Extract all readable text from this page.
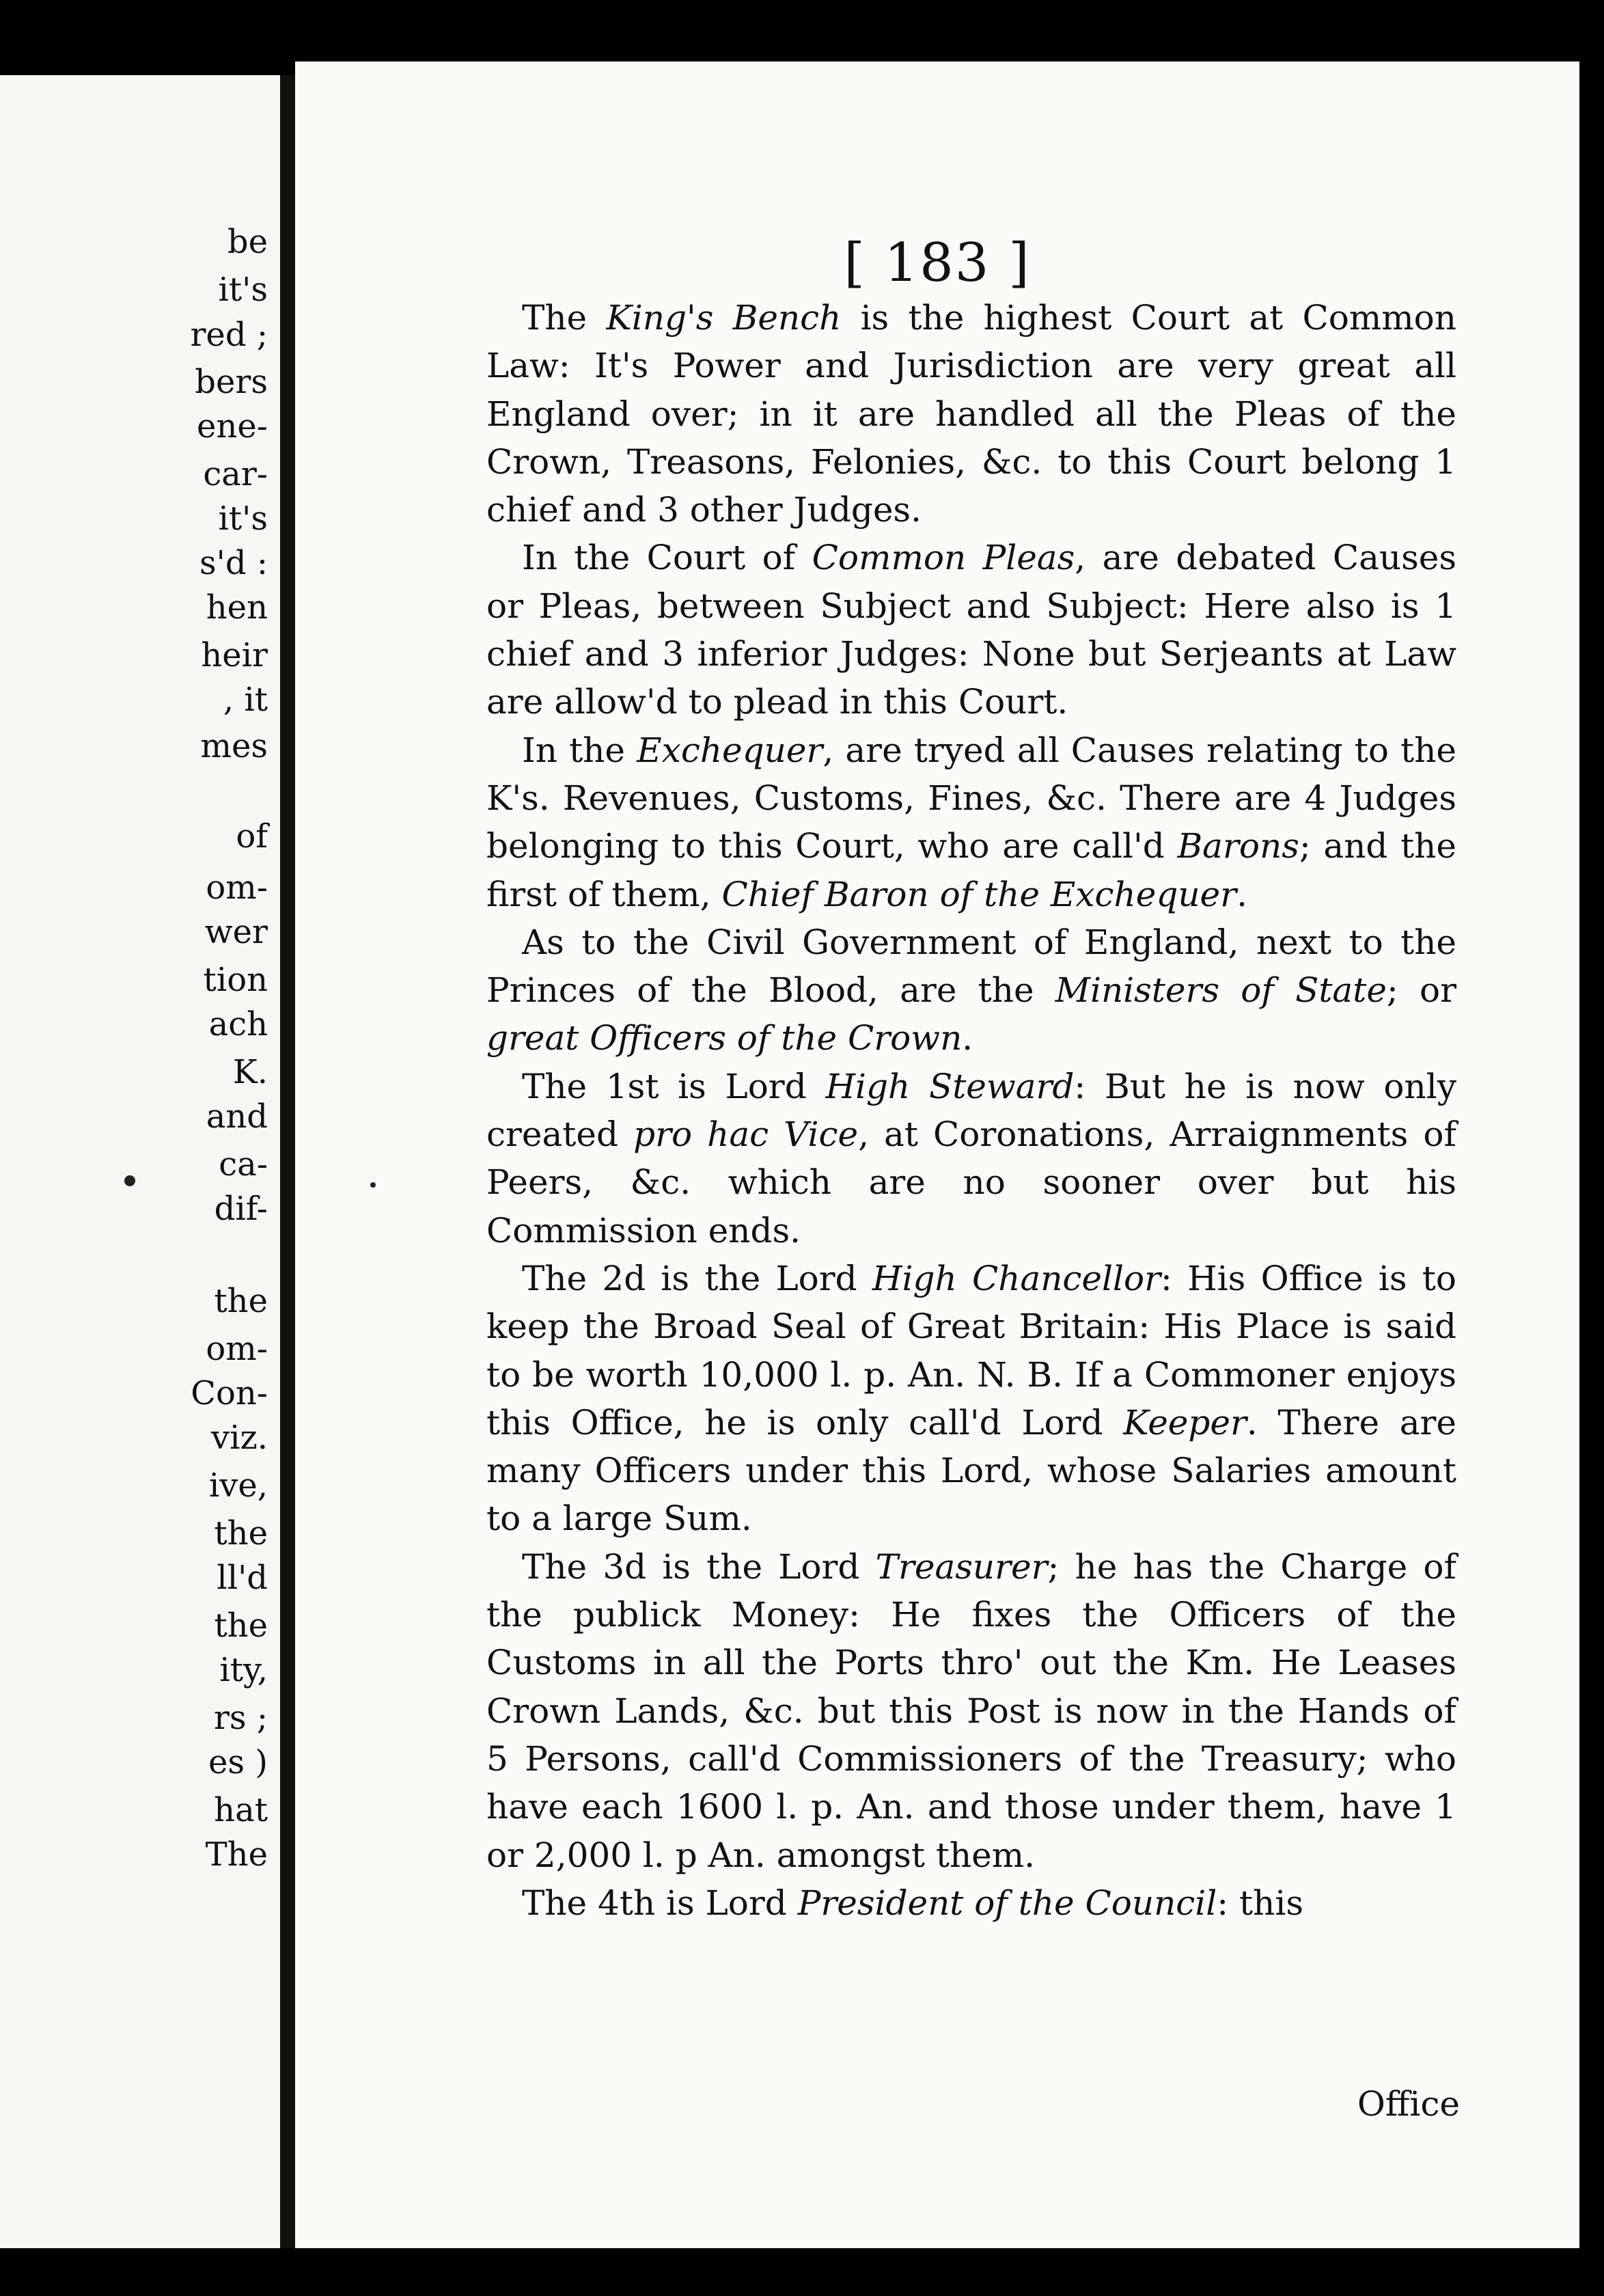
be
it's
red ;
bers
ene-
car-
it's
s'd :
hen
heir
, it
mes
of
om-
wer
tion
ach
K.
and
ca-
dif-
the
om-
Con-
viz.
ive,
the
ll'd
the
ity,
rs ;
es )
hat
The
[ 183 ]

The King's Bench is the highest Court at Common Law: It's Power and Jurisdiction are very great all England over; in it are handled all the Pleas of the Crown, Treasons, Felonies, &c. to this Court belong 1 chief and 3 other Judges.

In the Court of Common Pleas, are debated Causes or Pleas, between Subject and Subject: Here also is 1 chief and 3 inferior Judges: None but Serjeants at Law are allow'd to plead in this Court.

In the Exchequer, are tryed all Causes relating to the K's. Revenues, Customs, Fines, &c. There are 4 Judges belonging to this Court, who are call'd Barons; and the first of them, Chief Baron of the Exchequer.

As to the Civil Government of England, next to the Princes of the Blood, are the Ministers of State; or great Officers of the Crown.

The 1st is Lord High Steward: But he is now only created pro hac Vice, at Coronations, Arraignments of Peers, &c. which are no sooner over but his Commission ends.

The 2d is the Lord High Chancellor: His Office is to keep the Broad Seal of Great Britain: His Place is said to be worth 10,000 l. p. An. N. B. If a Commoner enjoys this Office, he is only call'd Lord Keeper. There are many Officers under this Lord, whose Salaries amount to a large Sum.

The 3d is the Lord Treasurer; he has the Charge of the publick Money: He fixes the Officers of the Customs in all the Ports thro' out the Km. He Leases Crown Lands, &c. but this Post is now in the Hands of 5 Persons, call'd Commissioners of the Treasury; who have each 1600 l. p. An. and those under them, have 1 or 2,000 l. p An. amongst them.

The 4th is Lord President of the Council: this

Office
